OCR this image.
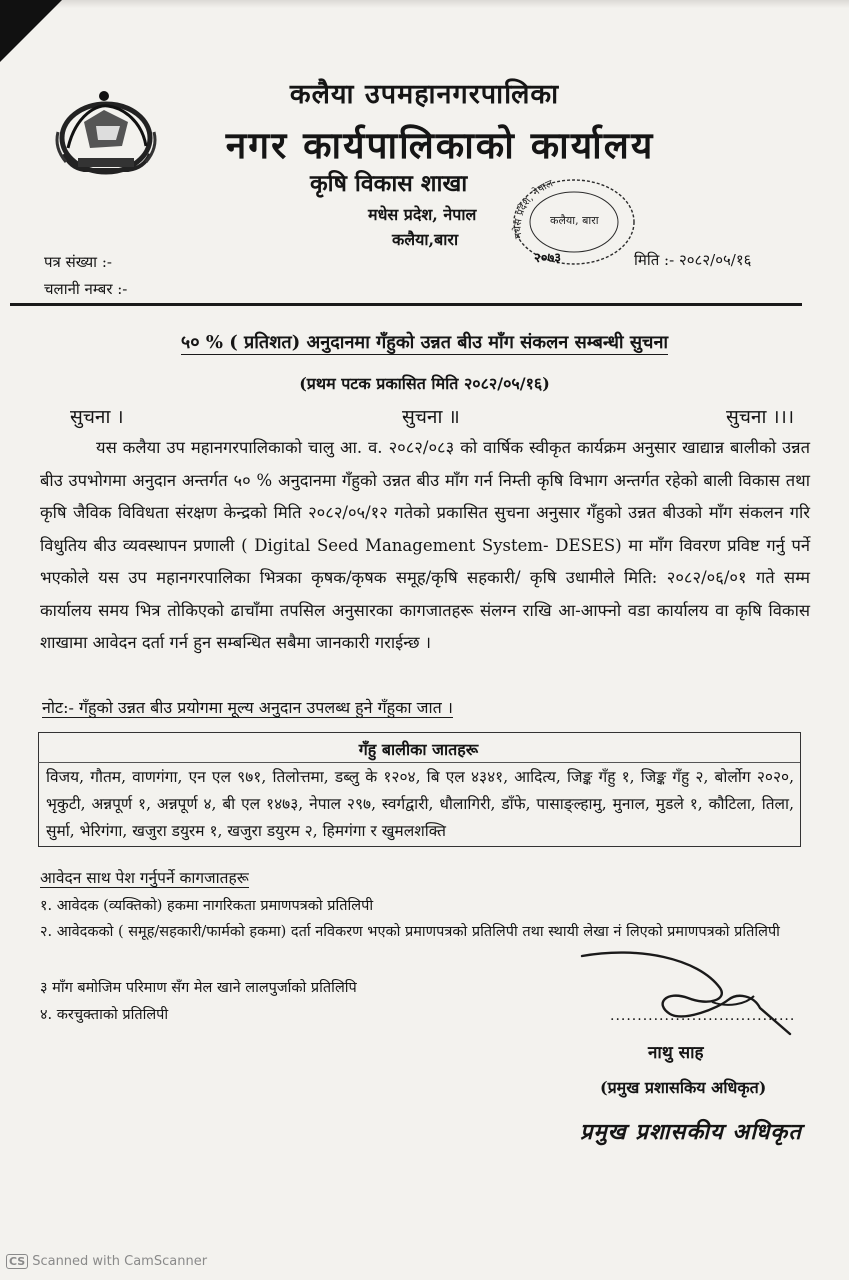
कलैया उपमहानगरपालिका
नगर कार्यपालिकाको कार्यालय
कृषि विकास शाखा
मधेस प्रदेश, नेपाल
कलैया,बारा	मधेस प्रदेश, नेपाल
कलैया, बारा
२०७३
पत्र संख्या :-
चलानी नम्बर :-
मिति :- २०८२/०५/१६
५० % ( प्रतिशत) अनुदानमा गँहुको उन्नत बीउ माँग संकलन सम्बन्धी सुचना
(प्रथम पटक प्रकासित मिति २०८२/०५/१६)
सुचना ।	सुचना ॥	सुचना ।।।
यस कलैया उप महानगरपालिकाको चालु आ. व. २०८२/०८३ को वार्षिक स्वीकृत कार्यक्रम अनुसार खाद्यान्न बालीको उन्नत बीउ उपभोगमा अनुदान अन्तर्गत ५० % अनुदानमा गँहुको उन्नत बीउ माँग गर्न निम्ती कृषि विभाग अन्तर्गत रहेको बाली विकास तथा कृषि जैविक विविधता संरक्षण केन्द्रको मिति २०८२/०५/१२ गतेको प्रकासित सुचना अनुसार गँहुको उन्नत बीउको माँग संकलन गरि विधुतिय बीउ व्यवस्थापन प्रणाली ( Digital Seed Management System- DESES) मा माँग विवरण प्रविष्ट गर्नु पर्ने भएकोले यस उप महानगरपालिका भित्रका कृषक/कृषक समूह/कृषि सहकारी/ कृषि उधामीले मिति: २०८२/०६/०१ गते सम्म कार्यालय समय भित्र तोकिएको ढाचाँमा तपसिल अनुसारका कागजातहरू संलग्न राखि आ-आफ्नो वडा कार्यालय वा कृषि विकास शाखामा आवेदन दर्ता गर्न हुन सम्बन्धित सबैमा जानकारी गराईन्छ ।
नोट:- गँहुको उन्नत बीउ प्रयोगमा मूल्य अनुदान उपलब्ध हुने गँहुका जात ।
गँहु बालीका जातहरू
विजय, गौतम, वाणगंगा, एन एल ९७१, तिलोत्तमा, डब्लु के १२०४, बि एल ४३४१, आदित्य, जिङ्क गँहु १, जिङ्क गँहु २, बोर्लोग २०२०, भृकुटी, अन्नपूर्ण १, अन्नपूर्ण ४, बी एल १४७३, नेपाल २९७, स्वर्गद्वारी, धौलागिरी, डाँफे, पासाङ्ल्हामु, मुनाल, मुडले १, कौटिला, तिला, सुर्मा, भेरिगंगा, खजुरा डयुरम १, खजुरा डयुरम २, हिमगंगा र खुमलशक्ति
आवेदन साथ पेश गर्नुपर्ने कागजातहरू
१. आवेदक (व्यक्तिको) हकमा नागरिकता प्रमाणपत्रको प्रतिलिपी
२. आवेदकको ( समूह/सहकारी/फार्मको हकमा) दर्ता नविकरण भएको प्रमाणपत्रको प्रतिलिपी तथा स्थायी लेखा नं लिएको प्रमाणपत्रको प्रतिलिपी
३ माँग बमोजिम परिमाण सँग मेल खाने लालपुर्जाको प्रतिलिपि
४. करचुक्ताको प्रतिलिपी	..................................
नाथु साह
(प्रमुख प्रशासकिय अधिकृत)
प्रमुख प्रशासकीय अधिकृत
CS Scanned with CamScanner
